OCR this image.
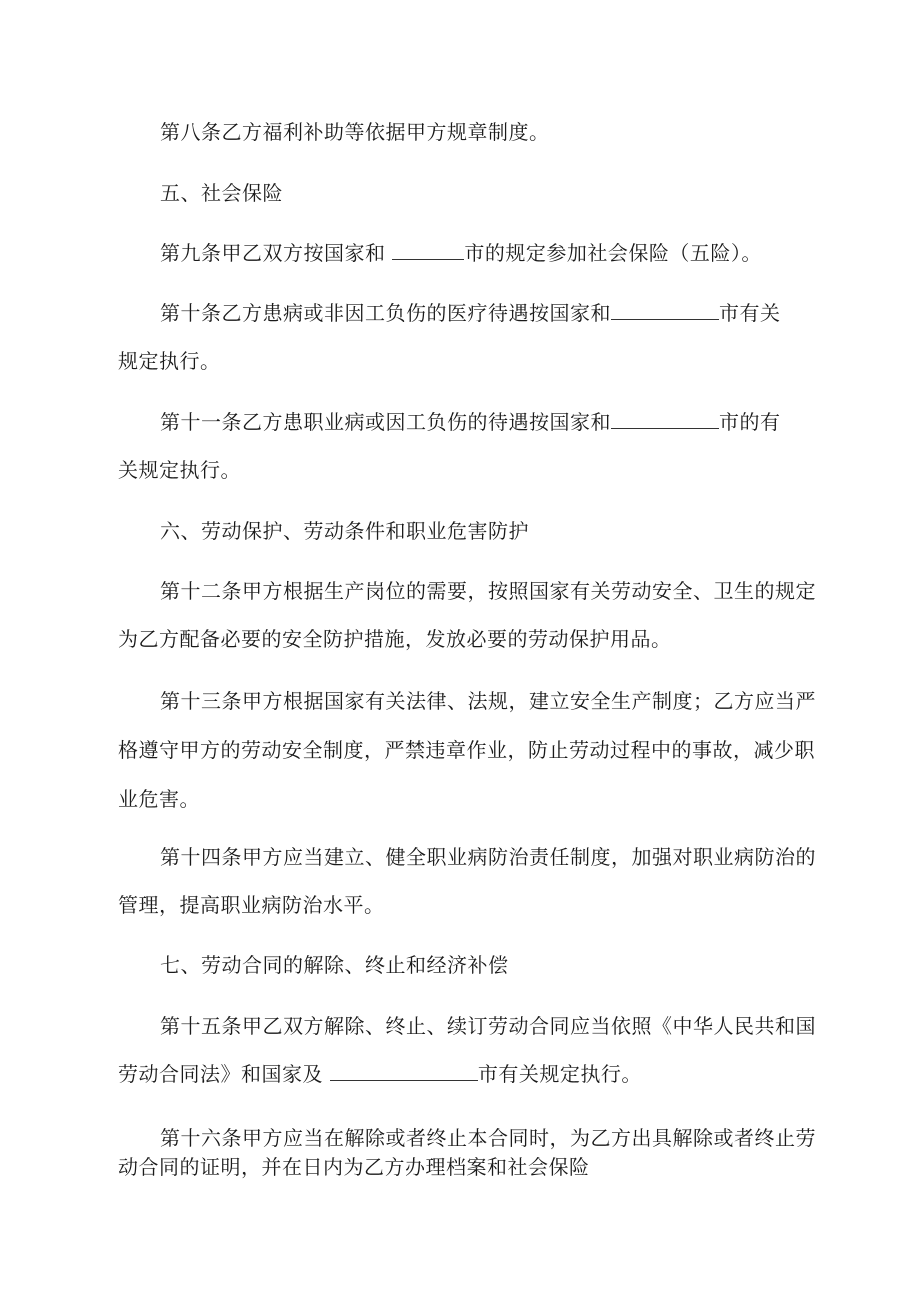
第八条乙方福利补助等依据甲方规章制度。
五、社会保险
第九条甲乙双方按国家和	市的规定参加社会保险（五险）。
第十条乙方患病或非因工负伤的医疗待遇按国家和	市有关
规定执行。
第十一条乙方患职业病或因工负伤的待遇按国家和	市的有
关规定执行。
六、劳动保护、劳动条件和职业危害防护
第十二条甲方根据生产岗位的需要，按照国家有关劳动安全、卫生的规定
为乙方配备必要的安全防护措施，发放必要的劳动保护用品。
第十三条甲方根据国家有关法律、法规，建立安全生产制度；乙方应当严
格遵守甲方的劳动安全制度，严禁违章作业，防止劳动过程中的事故，减少职
业危害。
第十四条甲方应当建立、健全职业病防治责任制度，加强对职业病防治的
管理，提高职业病防治水平。
七、劳动合同的解除、终止和经济补偿
第十五条甲乙双方解除、终止、续订劳动合同应当依照《中华人民共和国
劳动合同法》和国家及	市有关规定执行。
第十六条甲方应当在解除或者终止本合同时，为乙方出具解除或者终止劳
动合同的证明，并在日内为乙方办理档案和社会保险
